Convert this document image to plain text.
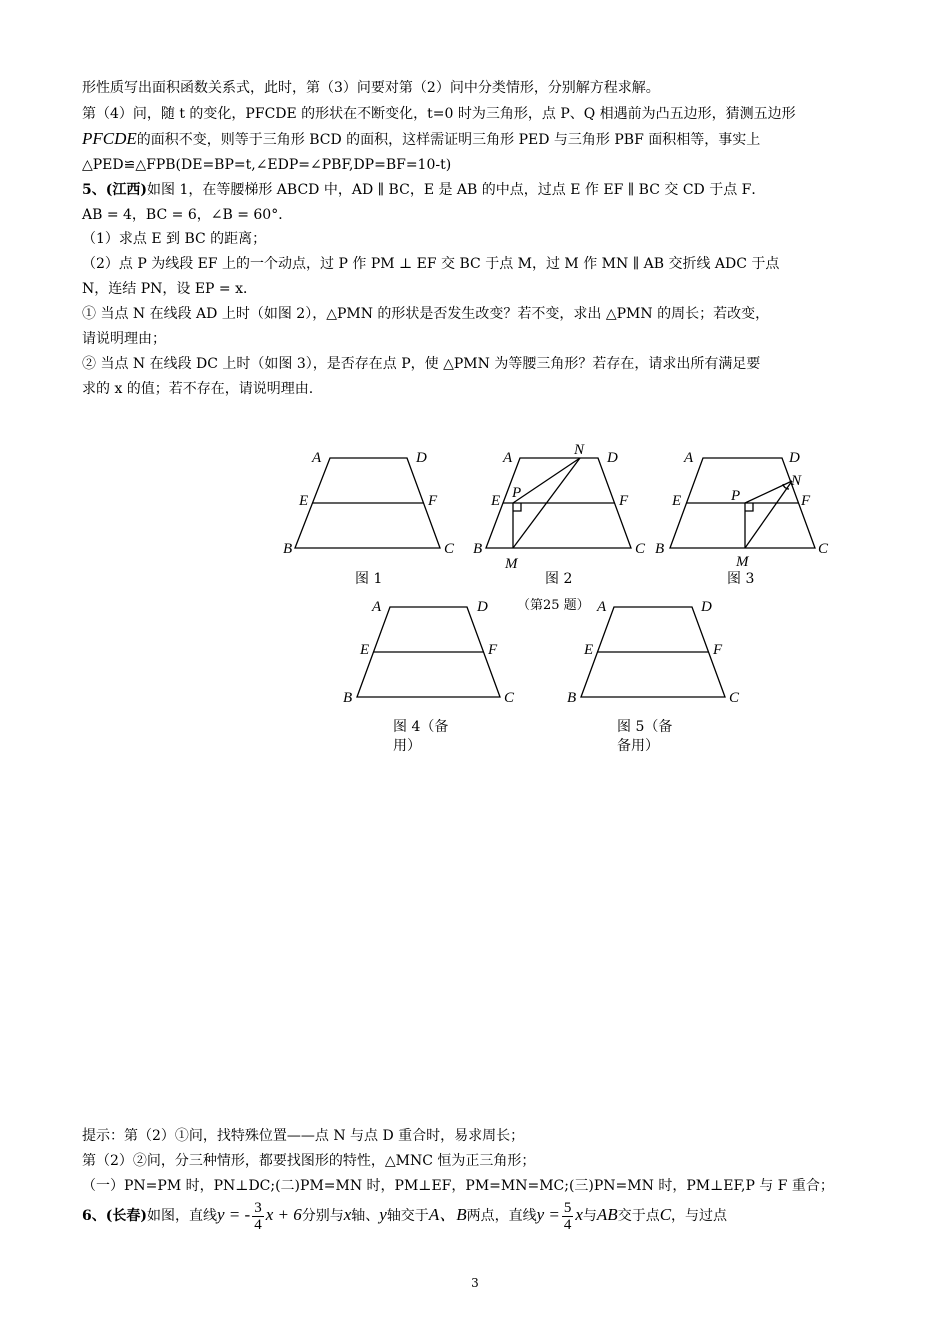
形性质写出面积函数关系式，此时，第（3）问要对第（2）问中分类情形，分别解方程求解。
第（4）问，随 t 的变化，PFCDE 的形状在不断变化，t=0 时为三角形，点 P、Q 相遇前为凸五边形，猜测五边形
PFCDE的面积不变，则等于三角形 BCD 的面积，这样需证明三角形 PED 与三角形 PBF 面积相等，事实上
△PED≌△FPB(DE=BP=t,∠EDP=∠PBF,DP=BF=10-t)
5、(江西)如图 1，在等腰梯形 ABCD 中，AD ∥ BC，E 是 AB 的中点，过点 E 作 EF ∥ BC 交 CD 于点 F．
AB = 4，BC = 6，∠B = 60°．
（1）求点 E 到 BC 的距离；
（2）点 P 为线段 EF 上的一个动点，过 P 作 PM ⊥ EF 交 BC 于点 M，过 M 作 MN ∥ AB 交折线 ADC 于点
N，连结 PN，设 EP = x．
① 当点 N 在线段 AD 上时（如图 2），△PMN 的形状是否发生改变？若不变，求出 △PMN 的周长；若改变，
请说明理由；
② 当点 N 在线段 DC 上时（如图 3），是否存在点 P，使 △PMN 为等腰三角形？若存在，请求出所有满足要
求的 x 的值；若不存在，请说明理由.
A	D
E	F
B	C
A	N D
E P	F
B	C
M
A	D
N
E	P	F
B	C
M
A	D
E	F
B	C
A	D
E	F
B	C
图 1	图 2	图 3
（第25 题）
图 4（备
用）
图 5（备
备用）
提示：第（2）①问，找特殊位置——点 N 与点 D 重合时，易求周长；
第（2）②问，分三种情形，都要找图形的特性，△MNC 恒为正三角形；
（一）PN=PM 时，PN⊥DC;(二)PM=MN 时，PM⊥EF，PM=MN=MC;(三)PN=MN 时，PM⊥EF,P 与 F 重合；
6、(长春)如图，直线y = - $\frac{3}{4}$ x + 6分别与x轴、y轴交于A、B两点，直线$y = \frac{5}{4}$ x与AB交于点C，与过点
3
